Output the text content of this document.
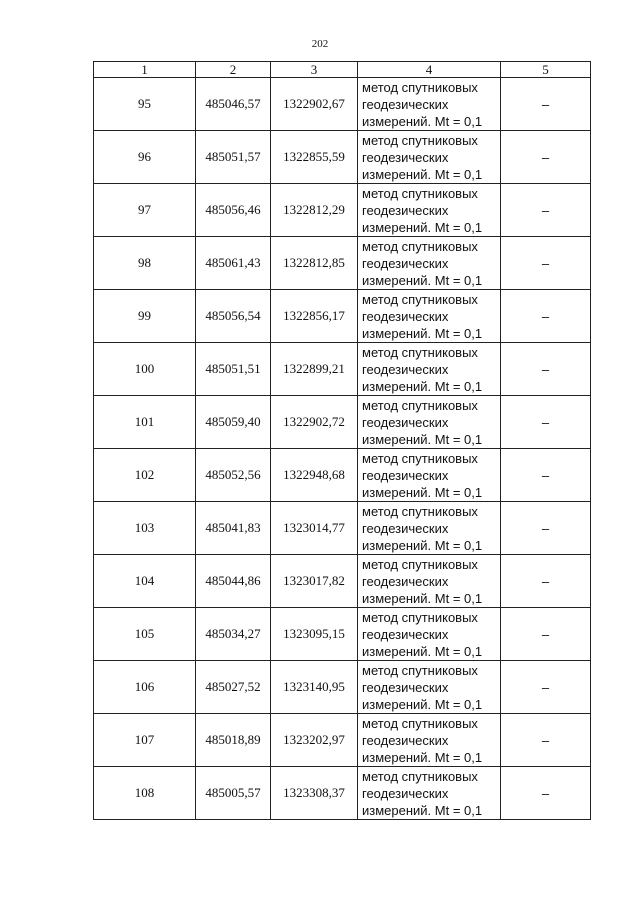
202
1	2	3	4	5
95	485046,57	1322902,67	метод спутниковых
геодезических
измерений. Mt = 0,1	–
96	485051,57	1322855,59	метод спутниковых
геодезических
измерений. Mt = 0,1	–
97	485056,46	1322812,29	метод спутниковых
геодезических
измерений. Mt = 0,1	–
98	485061,43	1322812,85	метод спутниковых
геодезических
измерений. Mt = 0,1	–
99	485056,54	1322856,17	метод спутниковых
геодезических
измерений. Mt = 0,1	–
100	485051,51	1322899,21	метод спутниковых
геодезических
измерений. Mt = 0,1	–
101	485059,40	1322902,72	метод спутниковых
геодезических
измерений. Mt = 0,1	–
102	485052,56	1322948,68	метод спутниковых
геодезических
измерений. Mt = 0,1	–
103	485041,83	1323014,77	метод спутниковых
геодезических
измерений. Mt = 0,1	–
104	485044,86	1323017,82	метод спутниковых
геодезических
измерений. Mt = 0,1	–
105	485034,27	1323095,15	метод спутниковых
геодезических
измерений. Mt = 0,1	–
106	485027,52	1323140,95	метод спутниковых
геодезических
измерений. Mt = 0,1	–
107	485018,89	1323202,97	метод спутниковых
геодезических
измерений. Mt = 0,1	–
108	485005,57	1323308,37	метод спутниковых
геодезических
измерений. Mt = 0,1	–
